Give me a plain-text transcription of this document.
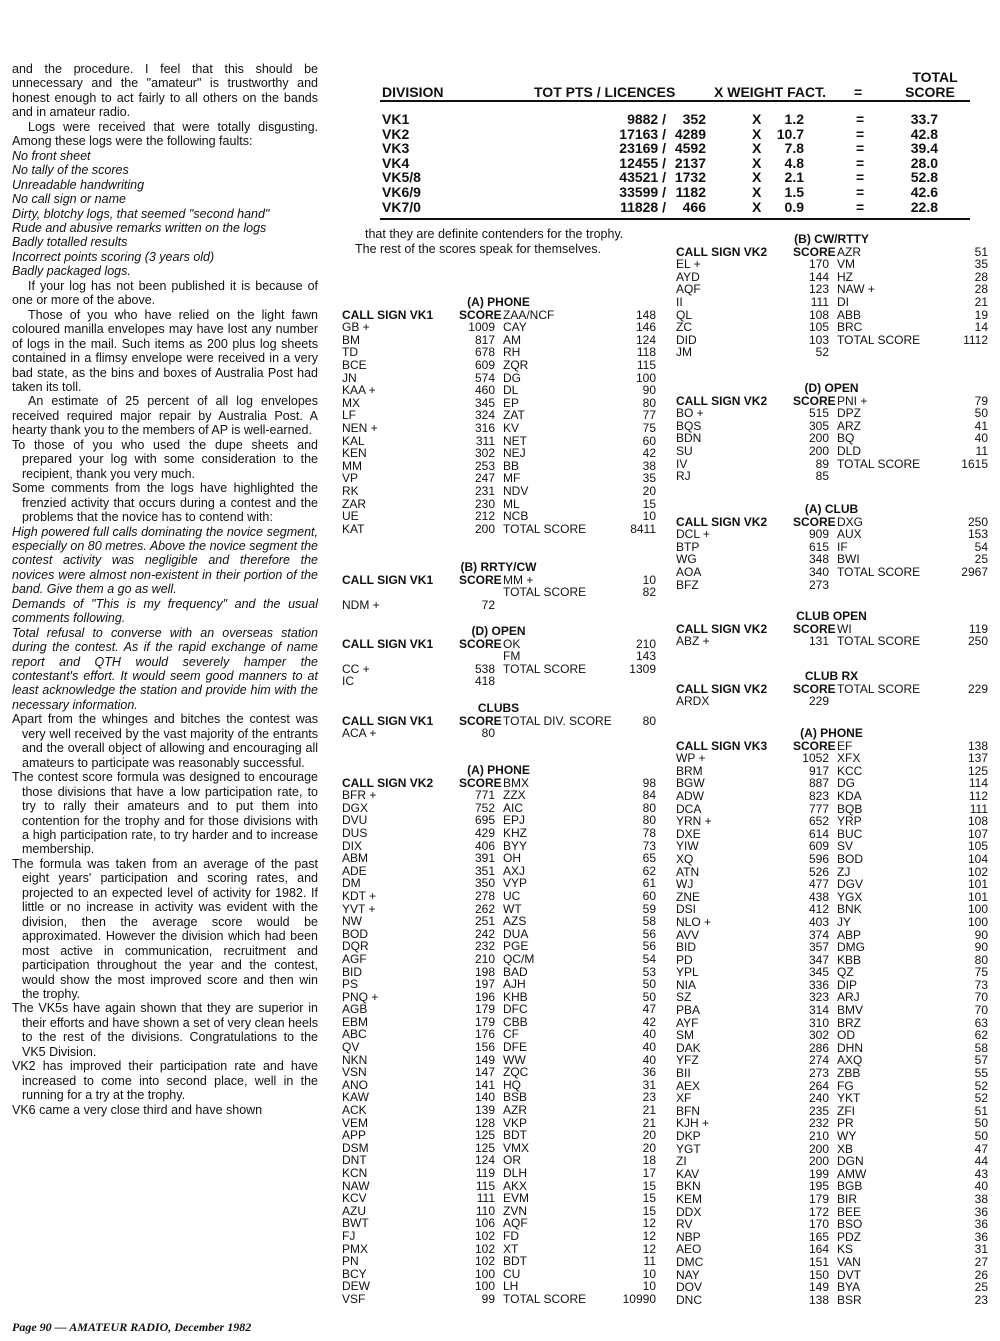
and the procedure. I feel that this should be unnecessary and the "amateur" is trustworthy and honest enough to act fairly to all others on the bands and in amateur radio.

Logs were received that were totally disgusting. Among these logs were the following faults:

No front sheet

No tally of the scores

Unreadable handwriting

No call sign or name

Dirty, blotchy logs, that seemed "second hand"

Rude and abusive remarks written on the logs

Badly totalled results

Incorrect points scoring (3 years old)

Badly packaged logs.

If your log has not been published it is because of one or more of the above.

Those of you who have relied on the light fawn coloured manilla envelopes may have lost any number of logs in the mail. Such items as 200 plus log sheets contained in a flimsy envelope were received in a very bad state, as the bins and boxes of Australia Post had taken its toll.

An estimate of 25 percent of all log envelopes received required major repair by Australia Post. A hearty thank you to the members of AP is well-earned.

To those of you who used the dupe sheets and prepared your log with some consideration to the recipient, thank you very much.

Some comments from the logs have highlighted the frenzied activity that occurs during a contest and the problems that the novice has to contend with:

High powered full calls dominating the novice segment, especially on 80 metres. Above the novice segment the contest activity was negligible and therefore the novices were almost non-existent in their portion of the band. Give them a go as well.

Demands of "This is my frequency" and the usual comments following.

Total refusal to converse with an overseas station during the contest. As if the rapid exchange of name report and QTH would severely hamper the contestant's effort. It would seem good manners to at least acknowledge the station and provide him with the necessary information.

Apart from the whinges and bitches the contest was very well received by the vast majority of the entrants and the overall object of allowing and encouraging all amateurs to participate was reasonably successful.

The contest score formula was designed to encourage those divisions that have a low participation rate, to try to rally their amateurs and to put them into contention for the trophy and for those divisions with a high participation rate, to try harder and to increase membership.

The formula was taken from an average of the past eight years' participation and scoring rates, and projected to an expected level of activity for 1982. If little or no increase in activity was evident with the division, then the average score would be approximated. However the division which had been most active in communication, recruitment and participation throughout the year and the contest, would show the most improved score and then win the trophy.

The VK5s have again shown that they are superior in their efforts and have shown a set of very clean heels to the rest of the divisions. Congratulations to the VK5 Division.

VK2 has improved their participation rate and have increased to come into second place, well in the running for a try at the trophy.

VK6 came a very close third and have shown

DIVISION	TOT PTS / LICENCES	X WEIGHT FACT. =
TOTAL
SCORE
VK1	9882 /	352	X	1.2	=	33.7
VK2	17163 / 4289	X	10.7	=	42.8
VK3	23169 / 4592	X	7.8	=	39.4
VK4	12455 / 2137	X	4.8	=	28.0
VK5/8	43521 / 1732	X	2.1	=	52.8
VK6/9	33599 / 1182	X	1.5	=	42.6
VK7/0	11828 /	466	X	0.9	=	22.8

that they are definite contenders for the trophy.

The rest of the scores speak for themselves.

(A) PHONE
CALL SIGN VK1 SCORE ZAA/NCF	148
GB +	1009 CAY	146
BM	817 AM	124
TD	678 RH	118
BCE	609 ZQR	115
JN	574 DG	100
KAA +	460 DL	90
MX	345 EP	80
LF	324 ZAT	77
NEN +	316 KV	75
KAL	311 NET	60
KEN	302 NEJ	42
MM	253 BB	38
VP	247 MF	35
RK	231 NDV	20
ZAR	230 ML	15
UE	212 NCB	10
KAT	200 TOTAL SCORE	8411
(B) RRTY/CW
CALL SIGN VK1 SCORE MM +	10
TOTAL SCORE	82
NDM +	72
(D) OPEN
CALL SIGN VK1 SCORE OK	210
FM	143
CC +	538 TOTAL SCORE	1309
IC	418
CLUBS
CALL SIGN VK1 SCORE TOTAL DIV. SCORE	80
ACA +	80
(A) PHONE
CALL SIGN VK2 SCORE BMX	98
BFR +	771 ZZX	84
DGX	752 AIC	80
DVU	695 EPJ	80
DUS	429 KHZ	78
DIX	406 BYY	73
ABM	391 OH	65
ADE	351 AXJ	62
DM	350 VYP	61
KDT +	278 UC	60
YVT +	262 WT	59
NW	251 AZS	58
BOD	242 DUA	56
DQR	232 PGE	56
AGF	210 QC/M	54
BID	198 BAD	53
PS	197 AJH	50
PNQ +	196 KHB	50
AGB	179 DFC	47
EBM	179 CBB	42
ABC	176 CF	40
QV	156 DFE	40
NKN	149 WW	40
VSN	147 ZQC	36
ANO	141 HQ	31
KAW	140 BSB	23
ACK	139 AZR	21
VEM	128 VKP	21
APP	125 BDT	20
DSM	125 VMX	20
DNT	124 OR	18
KCN	119 DLH	17
NAW	115 AKX	15
KCV	111 EVM	15
AZU	110 ZVN	15
BWT	106 AQF	12
FJ	102 FD	12
PMX	102 XT	12
PN	102 BDT	11
BCY	100 CU	10
DEW	100 LH	10
VSF	99 TOTAL SCORE	10990
(B) CW/RTTY
CALL SIGN VK2 SCORE AZR	51
EL +	170 VM	35
AYD	144 HZ	28
AQF	123 NAW +	28
II	111 DI	21
QL	108 ABB	19
ZC	105 BRC	14
DID	103 TOTAL SCORE	1112
JM	52
(D) OPEN
CALL SIGN VK2 SCORE PNI +	79
BO +	515 DPZ	50
BQS	305 ARZ	41
BDN	200 BQ	40
SU	200 DLD	11
IV	89 TOTAL SCORE	1615
RJ	85
(A) CLUB
CALL SIGN VK2 SCORE DXG	250
DCL +	909 AUX	153
BTP	615 IF	54
WG	348 BWI	25
AOA	340 TOTAL SCORE	2967
BFZ	273
CLUB OPEN
CALL SIGN VK2 SCORE WI	119
ABZ +	131 TOTAL SCORE	250
CLUB RX
CALL SIGN VK2 SCORE TOTAL SCORE	229
ARDX	229
(A) PHONE
CALL SIGN VK3 SCORE EF	138
WP +	1052 XFX	137
BRM	917 KCC	125
BGW	887 DG	114
ADW	823 KDA	112
DCA	777 BQB	111
YRN +	652 YRP	108
DXE	614 BUC	107
YIW	609 SV	105
XQ	596 BOD	104
ATN	526 ZJ	102
WJ	477 DGV	101
ZNE	438 YGX	101
DSI	412 BNK	100
NLO +	403 JY	100
AVV	374 ABP	90
BID	357 DMG	90
PD	347 KBB	80
YPL	345 QZ	75
NIA	336 DIP	73
SZ	323 ARJ	70
PBA	314 BMV	70
AYF	310 BRZ	63
SM	302 OD	62
DAK	286 DHN	58
YFZ	274 AXQ	57
BII	273 ZBB	55
AEX	264 FG	52
XF	240 YKT	52
BFN	235 ZFI	51
KJH +	232 PR	50
DKP	210 WY	50
YGT	200 XB	47
ZI	200 DGN	44
KAV	199 AMW	43
BKN	195 BGB	40
KEM	179 BIR	38
DDX	172 BEE	36
RV	170 BSO	36
NBP	165 PDZ	36
AEO	164 KS	31
DMC	151 VAN	27
NAY	150 DVT	26
DOV	149 BYA	25
DNC	138 BSR	23
Page 90 — AMATEUR RADIO, December 1982
